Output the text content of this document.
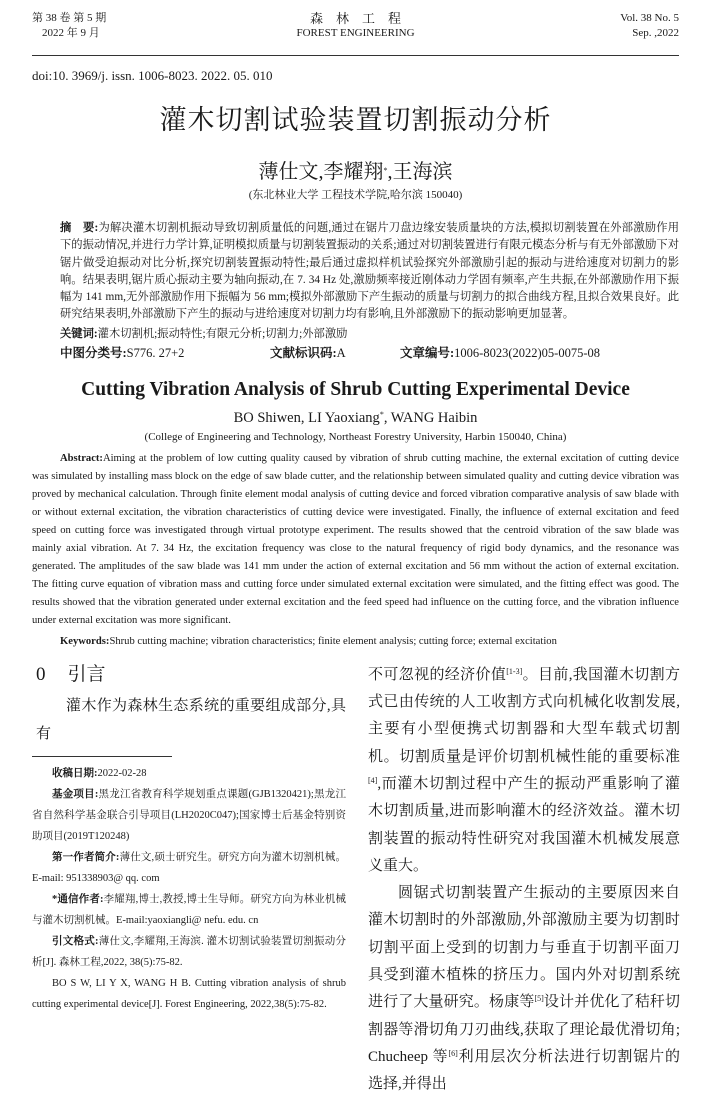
第 38 卷 第 5 期
2022 年 9 月
森　林　工　程
FOREST ENGINEERING
Vol. 38 No. 5
Sep. ,2022
doi:10. 3969/j. issn. 1006-8023. 2022. 05. 010
灌木切割试验装置切割振动分析
薄仕文,李耀翔*,王海滨
(东北林业大学 工程技术学院,哈尔滨 150040)
摘　要:为解决灌木切割机振动导致切割质量低的问题,通过在锯片刀盘边缘安装质量块的方法,模拟切割装置在外部激励作用下的振动情况,并进行力学计算,证明模拟质量与切割装置振动的关系;通过对切割装置进行有限元模态分析与有无外部激励下对锯片做受迫振动对比分析,探究切割装置振动特性;最后通过虚拟样机试验探究外部激励引起的振动与进给速度对切割力的影响。结果表明,锯片质心振动主要为轴向振动,在 7. 34 Hz 处,激励频率接近刚体动力学固有频率,产生共振,在外部激励作用下振幅为 141 mm,无外部激励作用下振幅为 56 mm;模拟外部激励下产生振动的质量与切割力的拟合曲线方程,且拟合效果良好。此研究结果表明,外部激励下产生的振动与进给速度对切割力均有影响,且外部激励下的振动影响更加显著。
关键词:灌木切割机;振动特性;有限元分析;切割力;外部激励
中图分类号:S776. 27+2	文献标识码:A	文章编号:1006-8023(2022)05-0075-08
Cutting Vibration Analysis of Shrub Cutting Experimental Device
BO Shiwen, LI Yaoxiang*, WANG Haibin
(College of Engineering and Technology, Northeast Forestry University, Harbin 150040, China)
Abstract:Aiming at the problem of low cutting quality caused by vibration of shrub cutting machine, the external excitation of cutting device was simulated by installing mass block on the edge of saw blade cutter, and the relationship between simulated quality and cutting device vibration was proved by mechanical calculation. Through finite element modal analysis of cutting device and forced vibration comparative analysis of saw blade with or without external excitation, the vibration characteristics of cutting device were investigated. Finally, the influence of external excitation and feed speed on cutting force was investigated through virtual prototype experiment. The results showed that the centroid vibration of the saw blade was mainly axial vibration. At 7. 34 Hz, the excitation frequency was close to the natural frequency of rigid body dynamics, and the resonance was generated. The amplitudes of the saw blade was 141 mm under the action of external excitation and 56 mm without the action of external excitation. The fitting curve equation of vibration mass and cutting force under simulated external excitation were simulated, and the fitting effect was good. The results showed that the vibration generated under external excitation and the feed speed had influence on the cutting force, and the vibration influence under external excitation was more significant.
Keywords:Shrub cutting machine; vibration characteristics; finite element analysis; cutting force; external excitation
0 引言
灌木作为森林生态系统的重要组成部分,具有
收稿日期:2022-02-28
基金项目:黑龙江省教育科学规划重点课题(GJB1320421);黑龙江省自然科学基金联合引导项目(LH2020C047);国家博士后基金特别资助项目(2019T120248)
第一作者简介:薄仕文,硕士研究生。研究方向为灌木切割机械。E-mail: 951338903@ qq. com
*通信作者:李耀翔,博士,教授,博士生导师。研究方向为林业机械与灌木切割机械。E-mail:yaoxiangli@ nefu. edu. cn
引文格式:薄仕文,李耀翔,王海滨. 灌木切割试验装置切割振动分析[J]. 森林工程,2022, 38(5):75-82.
BO S W, LI Y X, WANG H B. Cutting vibration analysis of shrub cutting experimental device[J]. Forest Engineering, 2022,38(5):75-82.
不可忽视的经济价值[1-3]。目前,我国灌木切割方式已由传统的人工收割方式向机械化收割发展,主要有小型便携式切割器和大型车载式切割机。切割质量是评价切割机械性能的重要标准[4],而灌木切割过程中产生的振动严重影响了灌木切割质量,进而影响灌木的经济效益。灌木切割装置的振动特性研究对我国灌木机械发展意义重大。
圆锯式切割装置产生振动的主要原因来自灌木切割时的外部激励,外部激励主要为切割时切割平面上受到的切割力与垂直于切割平面刀具受到灌木植株的挤压力。国内外对切割系统进行了大量研究。杨康等[5]设计并优化了秸秆切割器等滑切角刀刃曲线,获取了理论最优滑切角; Chucheep 等[6]利用层次分析法进行切割锯片的选择,并得出
